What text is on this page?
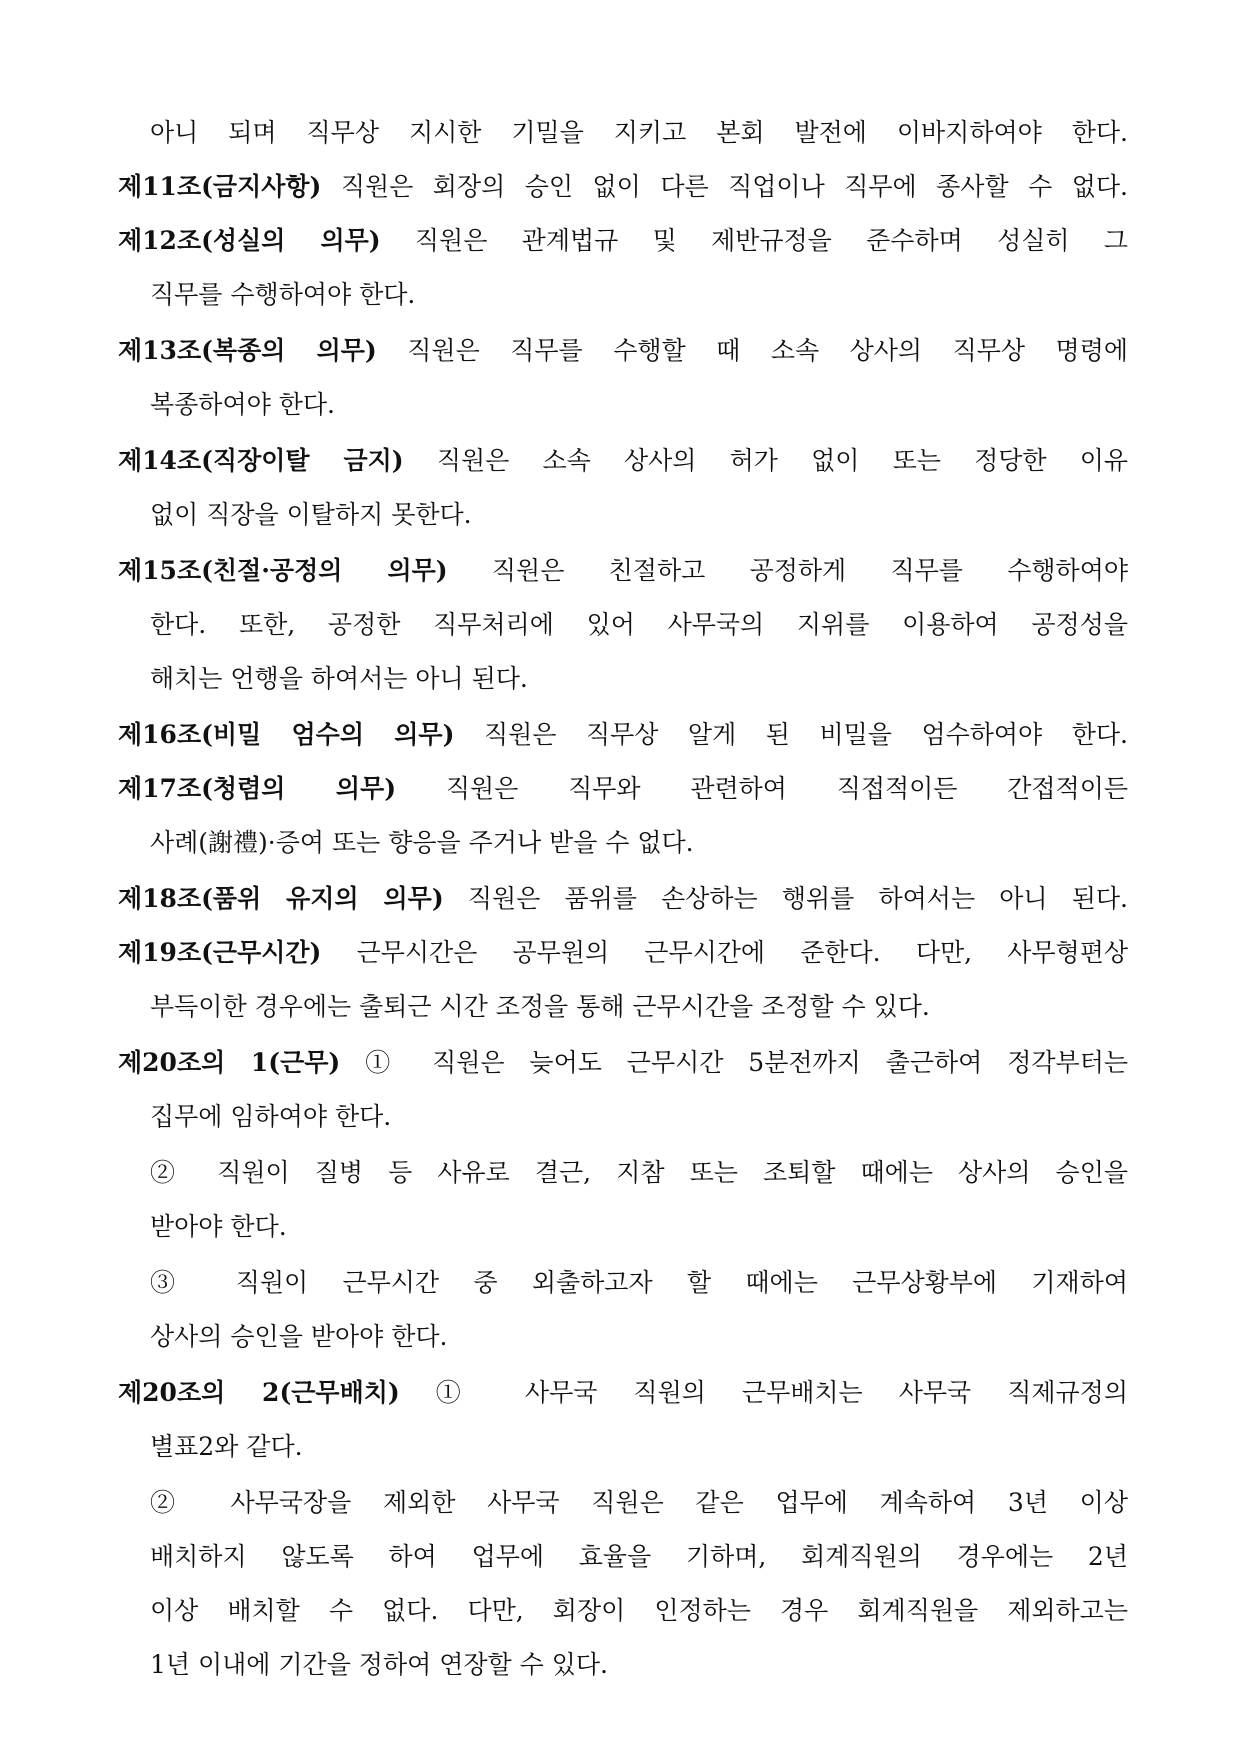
아니 되며 직무상 지시한 기밀을 지키고 본회 발전에 이바지하여야 한다.
제11조(금지사항) 직원은 회장의 승인 없이 다른 직업이나 직무에 종사할 수 없다.
제12조(성실의 의무) 직원은 관계법규 및 제반규정을 준수하며 성실히 그
직무를 수행하여야 한다.
제13조(복종의 의무) 직원은 직무를 수행할 때 소속 상사의 직무상 명령에
복종하여야 한다.
제14조(직장이탈 금지) 직원은 소속 상사의 허가 없이 또는 정당한 이유
없이 직장을 이탈하지 못한다.
제15조(친절·공정의 의무) 직원은 친절하고 공정하게 직무를 수행하여야
한다. 또한, 공정한 직무처리에 있어 사무국의 지위를 이용하여 공정성을
해치는 언행을 하여서는 아니 된다.
제16조(비밀 엄수의 의무) 직원은 직무상 알게 된 비밀을 엄수하여야 한다.
제17조(청렴의 의무) 직원은 직무와 관련하여 직접적이든 간접적이든
사례(謝禮)·증여 또는 향응을 주거나 받을 수 없다.
제18조(품위 유지의 의무) 직원은 품위를 손상하는 행위를 하여서는 아니 된다.
제19조(근무시간) 근무시간은 공무원의 근무시간에 준한다. 다만, 사무형편상
부득이한 경우에는 출퇴근 시간 조정을 통해 근무시간을 조정할 수 있다.
제20조의 1(근무) ① 직원은 늦어도 근무시간 5분전까지 출근하여 정각부터는
집무에 임하여야 한다.
② 직원이 질병 등 사유로 결근, 지참 또는 조퇴할 때에는 상사의 승인을
받아야 한다.
③ 직원이 근무시간 중 외출하고자 할 때에는 근무상황부에 기재하여
상사의 승인을 받아야 한다.
제20조의 2(근무배치) ① 사무국 직원의 근무배치는 사무국 직제규정의
별표2와 같다.
② 사무국장을 제외한 사무국 직원은 같은 업무에 계속하여 3년 이상
배치하지 않도록 하여 업무에 효율을 기하며, 회계직원의 경우에는 2년
이상 배치할 수 없다. 다만, 회장이 인정하는 경우 회계직원을 제외하고는
1년 이내에 기간을 정하여 연장할 수 있다.
